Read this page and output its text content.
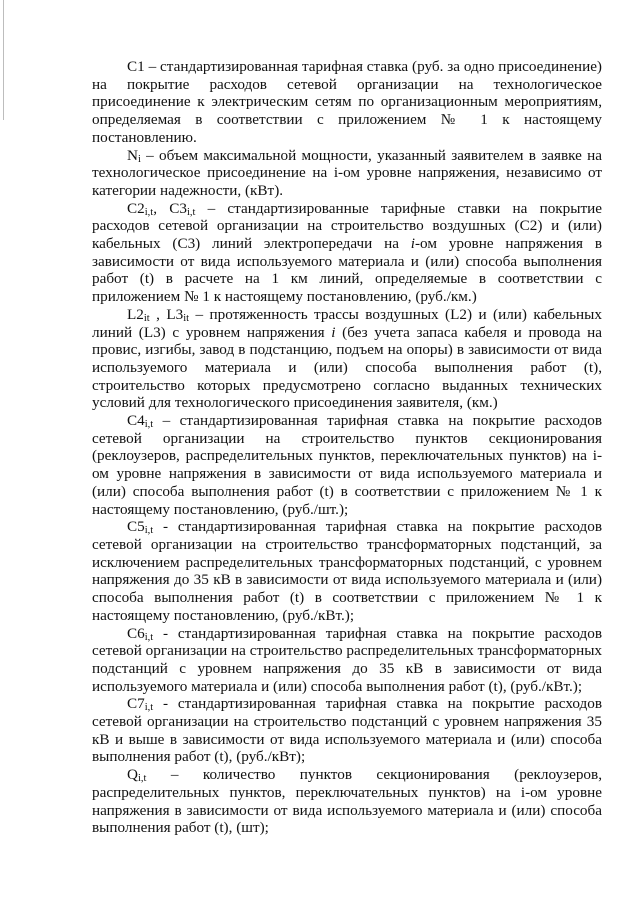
C1 – стандартизированная тарифная ставка (руб. за одно присоединение) на покрытие расходов сетевой организации на технологическое присоединение к электрическим сетям по организационным мероприятиям, определяемая в соответствии с приложением № 1 к настоящему постановлению.

$N_i$ – объем максимальной мощности, указанный заявителем в заявке на технологическое присоединение на i-ом уровне напряжения, независимо от категории надежности, (кВт).

$C2_{i,t}$, $C3_{i,t}$ – стандартизированные тарифные ставки на покрытие расходов сетевой организации на строительство воздушных (С2) и (или) кабельных (С3) линий электропередачи на i-ом уровне напряжения в зависимости от вида используемого материала и (или) способа выполнения работ (t) в расчете на 1 км линий, определяемые в соответствии с приложением № 1 к настоящему постановлению, (руб./км.)

$L2_{it}$ , $L3_{it}$ – протяженность трассы воздушных (L2) и (или) кабельных линий (L3) с уровнем напряжения i (без учета запаса кабеля и провода на провис, изгибы, завод в подстанцию, подъем на опоры) в зависимости от вида используемого материала и (или) способа выполнения работ (t), строительство которых предусмотрено согласно выданных технических условий для технологического присоединения заявителя, (км.)

$C4_{i,t}$ – стандартизированная тарифная ставка на покрытие расходов сетевой организации на строительство пунктов секционирования (реклоузеров, распределительных пунктов, переключательных пунктов) на i-ом уровне напряжения в зависимости от вида используемого материала и (или) способа выполнения работ (t) в соответствии с приложением № 1 к настоящему постановлению, (руб./шт.);

$C5_{i,t}$ - стандартизированная тарифная ставка на покрытие расходов сетевой организации на строительство трансформаторных подстанций, за исключением распределительных трансформаторных подстанций, с уровнем напряжения до 35 кВ в зависимости от вида используемого материала и (или) способа выполнения работ (t) в соответствии с приложением № 1 к настоящему постановлению, (руб./кВт.);

$C6_{i,t}$ - стандартизированная тарифная ставка на покрытие расходов сетевой организации на строительство распределительных трансформаторных подстанций с уровнем напряжения до 35 кВ в зависимости от вида используемого материала и (или) способа выполнения работ (t), (руб./кВт.);

$C7_{i,t}$ - стандартизированная тарифная ставка на покрытие расходов сетевой организации на строительство подстанций с уровнем напряжения 35 кВ и выше в зависимости от вида используемого материала и (или) способа выполнения работ (t), (руб./кВт);

$Q_{i,t}$ – количество пунктов секционирования (реклоузеров, распределительных пунктов, переключательных пунктов) на i-ом уровне напряжения в зависимости от вида используемого материала и (или) способа выполнения работ (t), (шт);
